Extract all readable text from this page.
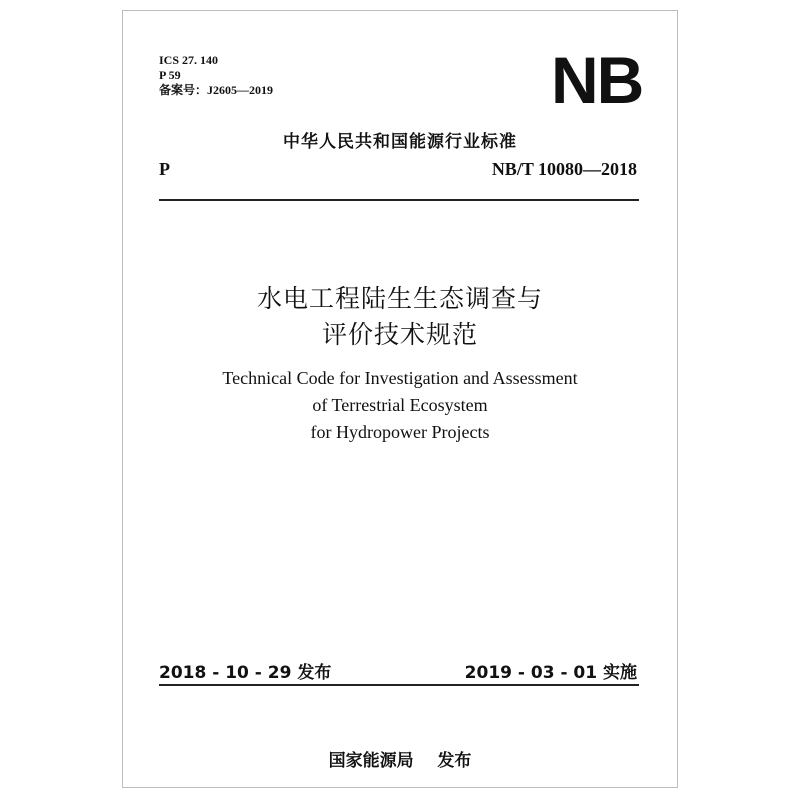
ICS 27. 140
P 59
备案号：J2605—2019	NB
中华人民共和国能源行业标准
P	NB/T 10080—2018
水电工程陆生生态调查与
评价技术规范
Technical Code for Investigation and Assessment
of Terrestrial Ecosystem
for Hydropower Projects
2018 - 10 - 29 发布	2019 - 03 - 01 实施
国家能源局    发布
